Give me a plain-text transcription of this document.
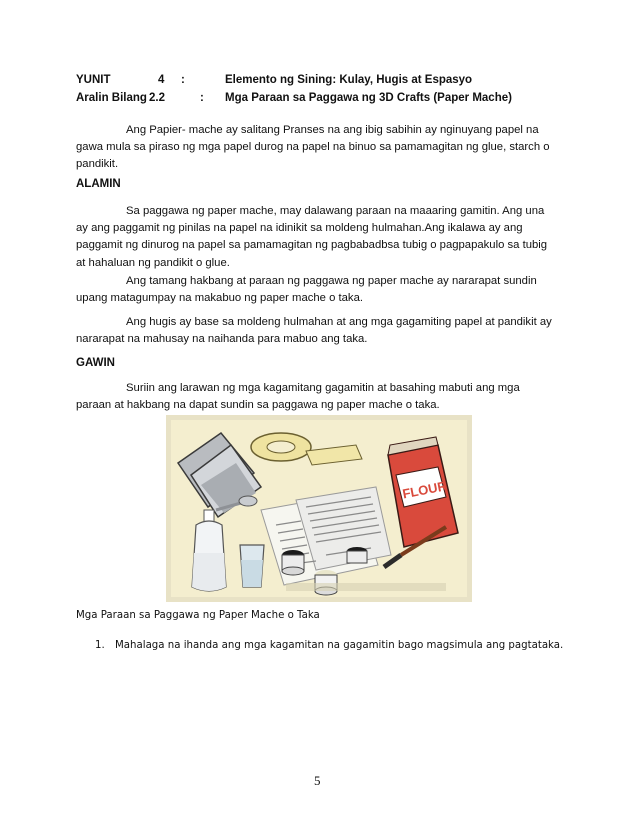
YUNIT	4 :	Elemento ng Sining: Kulay, Hugis at Espasyo
Aralin Bilang 2.2	: Mga Paraan sa Paggawa ng 3D Crafts (Paper Mache)
Ang Papier- mache ay salitang Pranses na ang ibig sabihin ay nginuyang papel na
gawa mula sa piraso ng mga papel durog na papel na binuo sa pamamagitan ng glue, starch o
pandikit.
ALAMIN
Sa paggawa ng paper mache, may dalawang paraan na maaaring gamitin. Ang una
ay ang paggamit ng pinilas na papel na idinikit sa moldeng hulmahan.Ang ikalawa ay ang
paggamit ng dinurog na papel sa pamamagitan ng pagbabadbsa tubig o pagpapakulo sa tubig
at hahaluan ng pandikit o glue.
Ang tamang hakbang at paraan ng paggawa ng paper mache ay nararapat sundin
upang matagumpay na makabuo ng paper mache o taka.
Ang hugis ay base sa moldeng hulmahan at ang mga gagamiting papel at pandikit ay
nararapat na mahusay na naihanda para mabuo ang taka.
GAWIN
Suriin ang larawan ng mga kagamitang gagamitin at basahing mabuti ang mga
paraan at hakbang na dapat sundin sa paggawa ng paper mache o taka.
FLOUR
Mga Paraan sa Paggawa ng Paper Mache o Taka
1. Mahalaga na ihanda ang mga kagamitan na gagamitin bago magsimula ang pagtataka.
5
